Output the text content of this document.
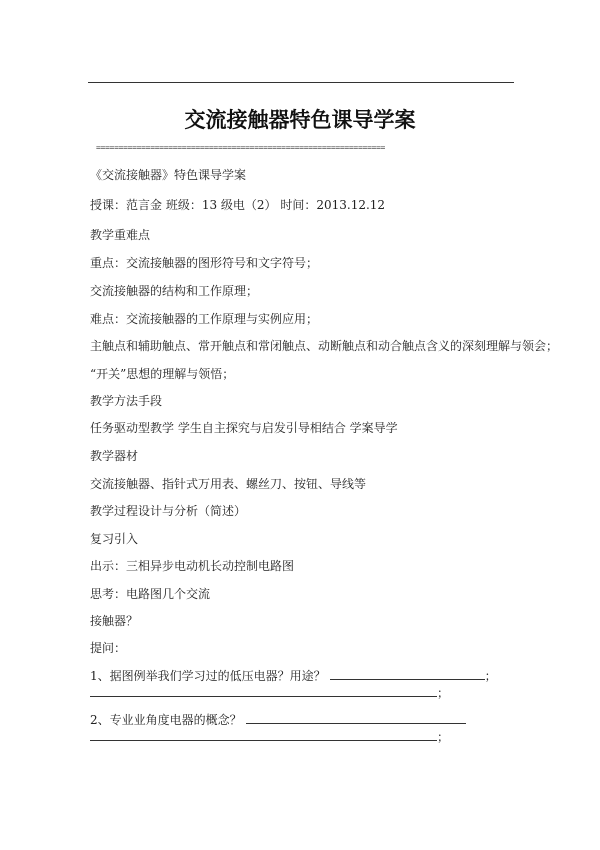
交流接触器特色课导学案
================================================================
《交流接触器》特色课导学案
授课：范言金 班级：13 级电（2） 时间：2013.12.12
教学重难点
重点：交流接触器的图形符号和文字符号；
交流接触器的结构和工作原理；
难点：交流接触器的工作原理与实例应用；
主触点和辅助触点、常开触点和常闭触点、动断触点和动合触点含义的深刻理解与领会；
“开关”思想的理解与领悟；
教学方法手段
任务驱动型教学 学生自主探究与启发引导相结合 学案导学
教学器材
交流接触器、指针式万用表、螺丝刀、按钮、导线等
教学过程设计与分析（简述）
复习引入
出示：三相异步电动机长动控制电路图
思考：电路图几个交流
接触器？
提问：
1、据图例举我们学习过的低压电器？用途？	；
；
2、专业业角度电器的概念？
；
